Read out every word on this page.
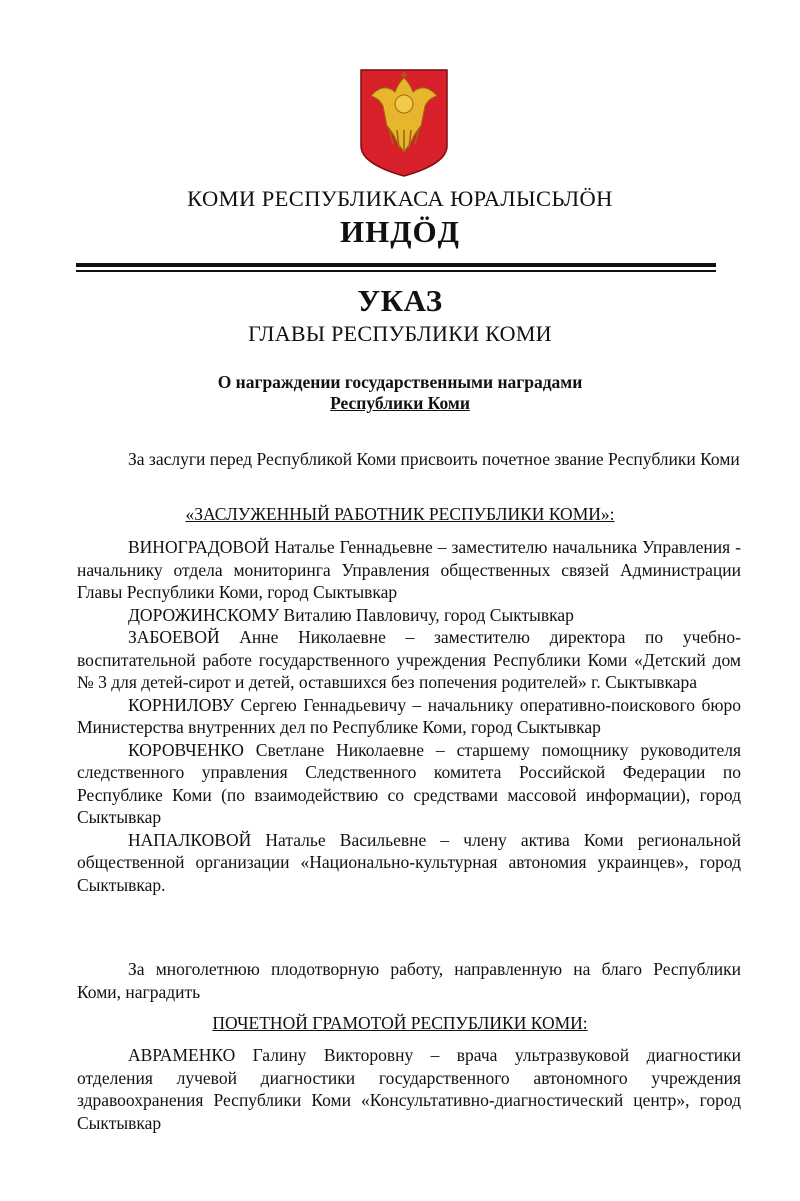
КОМИ РЕСПУБЛИКАСА ЮРАЛЫСЬЛӦН
ИНДӦД
УКАЗ
ГЛАВЫ РЕСПУБЛИКИ КОМИ
О награждении государственными наградами
Республики Коми

За заслуги перед Республикой Коми присвоить почетное звание Республики Коми

«ЗАСЛУЖЕННЫЙ РАБОТНИК РЕСПУБЛИКИ КОМИ»:

ВИНОГРАДОВОЙ Наталье Геннадьевне – заместителю начальника Управления - начальнику отдела мониторинга Управления общественных связей Администрации Главы Республики Коми, город Сыктывкар

ДОРОЖИНСКОМУ Виталию Павловичу, город Сыктывкар

ЗАБОЕВОЙ Анне Николаевне – заместителю директора по учебно-воспитательной работе государственного учреждения Республики Коми «Детский дом № 3 для детей-сирот и детей, оставшихся без попечения родителей» г. Сыктывкара

КОРНИЛОВУ Сергею Геннадьевичу – начальнику оперативно-поискового бюро Министерства внутренних дел по Республике Коми, город Сыктывкар

КОРОВЧЕНКО Светлане Николаевне – старшему помощнику руководителя следственного управления Следственного комитета Российской Федерации по Республике Коми (по взаимодействию со средствами массовой информации), город Сыктывкар

НАПАЛКОВОЙ Наталье Васильевне – члену актива Коми региональной общественной организации «Национально-культурная автономия украинцев», город Сыктывкар.

За многолетнюю плодотворную работу, направленную на благо Республики Коми, наградить

ПОЧЕТНОЙ ГРАМОТОЙ РЕСПУБЛИКИ КОМИ:

АВРАМЕНКО Галину Викторовну – врача ультразвуковой диагностики отделения лучевой диагностики государственного автономного учреждения здравоохранения Республики Коми «Консультативно-диагностический центр», город Сыктывкар
